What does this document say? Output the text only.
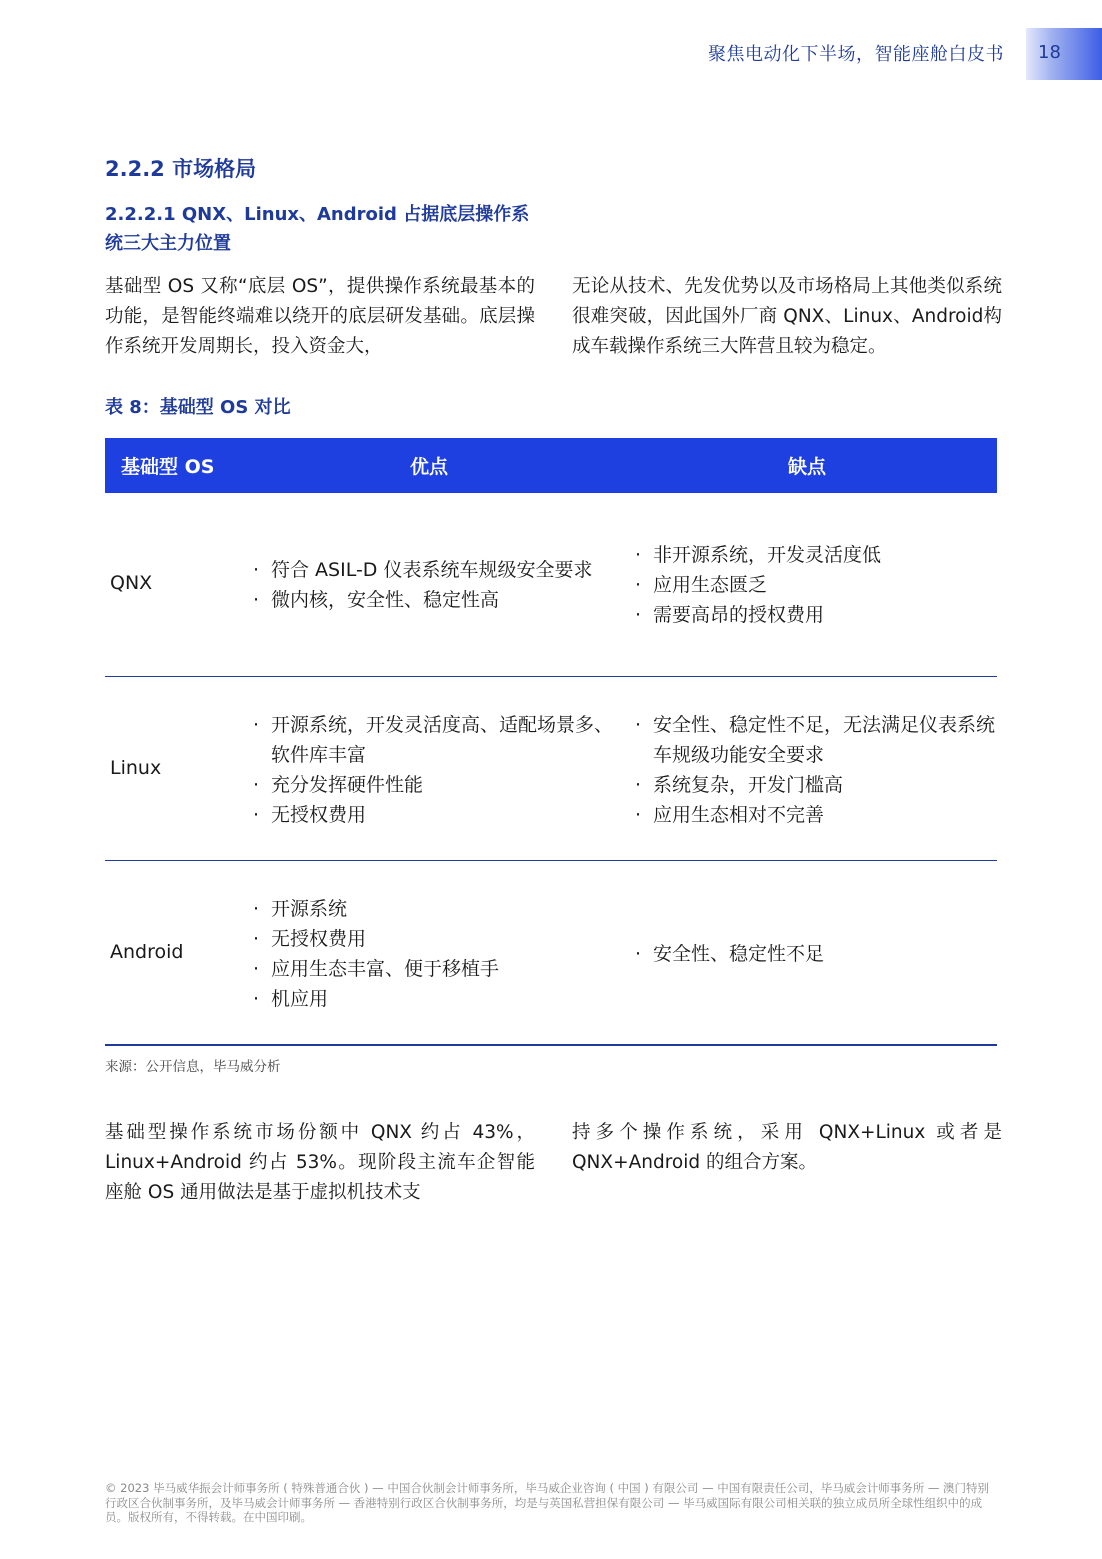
聚焦电动化下半场，智能座舱白皮书 18
2.2.2 市场格局
2.2.2.1 QNX、Linux、Android 占据底层操作系统三大主力位置
基础型 OS 又称“底层 OS”，提供操作系统最基本的功能，是智能终端难以绕开的底层研发基础。底层操作系统开发周期长，投入资金大，
无论从技术、先发优势以及市场格局上其他类似系统很难突破，因此国外厂商 QNX、Linux、Android构成车载操作系统三大阵营且较为稳定。
表 8：基础型 OS 对比
基础型 OS	优点	缺点
QNX
· 符合 ASIL-D 仪表系统车规级安全要求
· 微内核，安全性、稳定性高
· 非开源系统，开发灵活度低
· 应用生态匮乏
· 需要高昂的授权费用
Linux
· 开源系统，开发灵活度高、适配场景多、软件库丰富
· 充分发挥硬件性能
· 无授权费用
· 安全性、稳定性不足，无法满足仪表系统车规级功能安全要求
· 系统复杂，开发门槛高
· 应用生态相对不完善
Android
· 开源系统
· 无授权费用
· 应用生态丰富、便于移植手
· 机应用
· 安全性、稳定性不足
来源：公开信息，毕马威分析
基础型操作系统市场份额中 QNX 约占 43%，Linux+Android 约占 53%。现阶段主流车企智能座舱 OS 通用做法是基于虚拟机技术支
持多个操作系统，采用 QNX+Linux 或者是 QNX+Android 的组合方案。
© 2023 毕马威华振会计师事务所 ( 特殊普通合伙 ) — 中国合伙制会计师事务所，毕马威企业咨询 ( 中国 ) 有限公司 — 中国有限责任公司，毕马威会计师事务所 — 澳门特别行政区合伙制事务所，及毕马威会计师事务所 — 香港特别行政区合伙制事务所，均是与英国私营担保有限公司 — 毕马威国际有限公司相关联的独立成员所全球性组织中的成员。版权所有，不得转载。在中国印刷。
